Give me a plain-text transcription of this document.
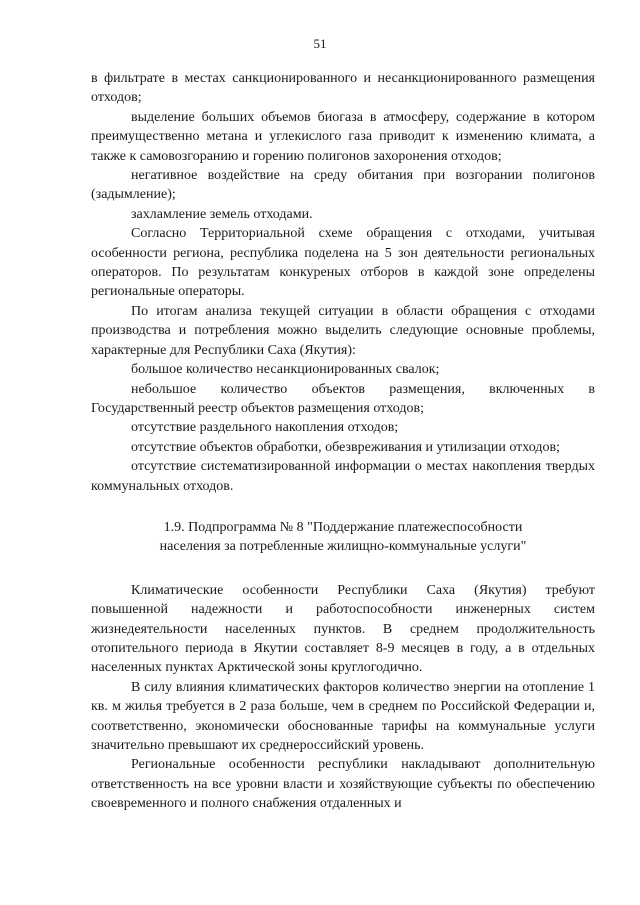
51

в фильтрате в местах санкционированного и несанкционированного размещения отходов;

выделение больших объемов биогаза в атмосферу, содержание в котором преимущественно метана и углекислого газа приводит к изменению климата, а также к самовозгоранию и горению полигонов захоронения отходов;

негативное воздействие на среду обитания при возгорании полигонов (задымление);

захламление земель отходами.

Согласно Территориальной схеме обращения с отходами, учитывая особенности региона, республика поделена на 5 зон деятельности региональных операторов. По результатам конкуреных отборов в каждой зоне определены региональные операторы.

По итогам анализа текущей ситуации в области обращения с отходами производства и потребления можно выделить следующие основные проблемы, характерные для Республики Саха (Якутия):

большое количество несанкционированных свалок;

небольшое количество объектов размещения, включенных в Государственный реестр объектов размещения отходов;

отсутствие раздельного накопления отходов;

отсутствие объектов обработки, обезвреживания и утилизации отходов;

отсутствие систематизированной информации о местах накопления твердых коммунальных отходов.

1.9. Подпрограмма № 8 "Поддержание платежеспособности
населения за потребленные жилищно-коммунальные услуги"

Климатические особенности Республики Саха (Якутия) требуют повышенной надежности и работоспособности инженерных систем жизнедеятельности населенных пунктов. В среднем продолжительность отопительного периода в Якутии составляет 8-9 месяцев в году, а в отдельных населенных пунктах Арктической зоны круглогодично.

В силу влияния климатических факторов количество энергии на отопление 1 кв. м жилья требуется в 2 раза больше, чем в среднем по Российской Федерации и, соответственно, экономически обоснованные тарифы на коммунальные услуги значительно превышают их среднероссийский уровень.

Региональные особенности республики накладывают дополнительную ответственность на все уровни власти и хозяйствующие субъекты по обеспечению своевременного и полного снабжения отдаленных и
